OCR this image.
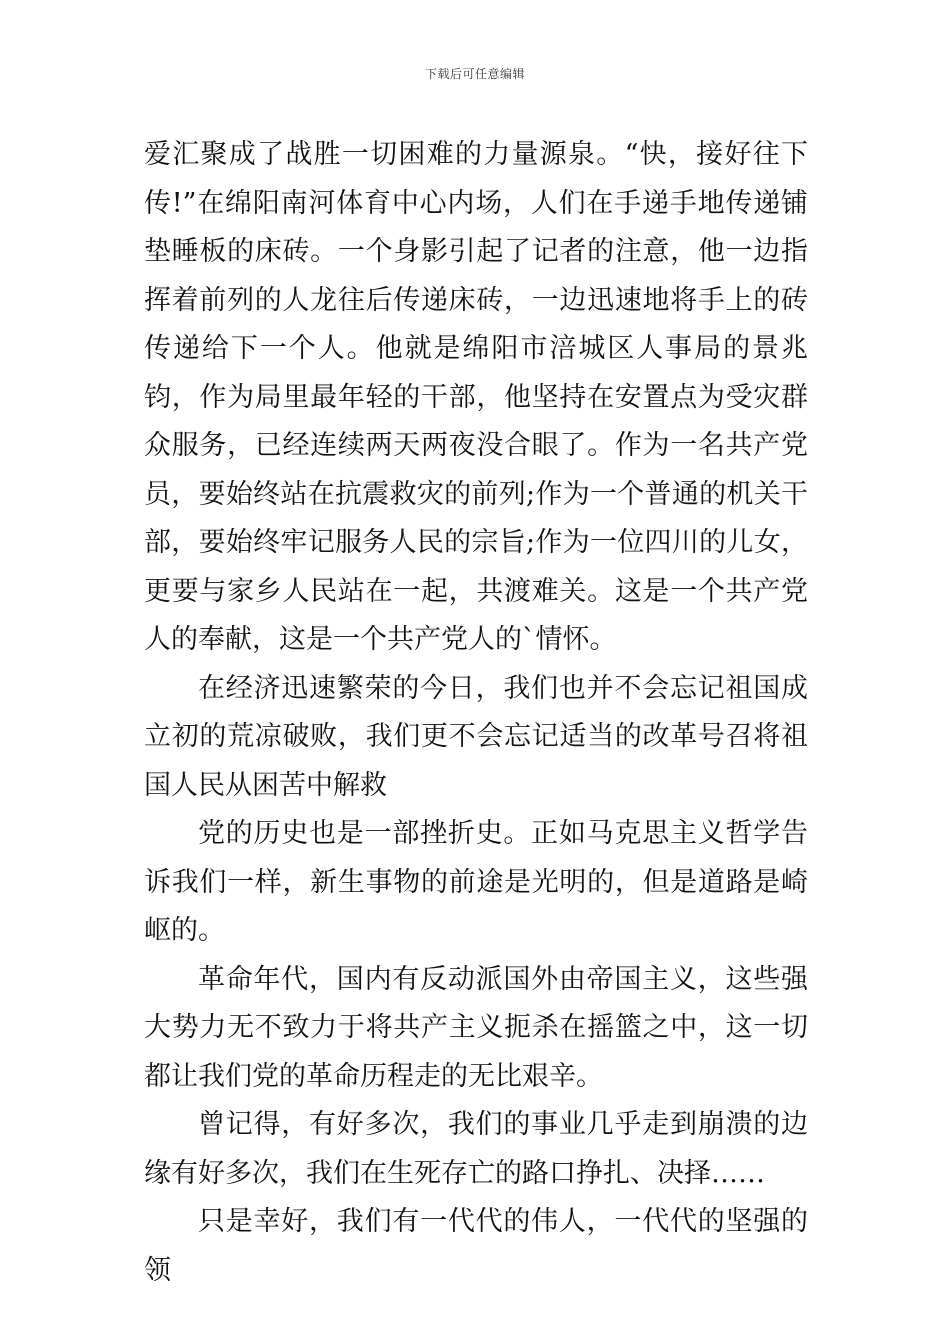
下载后可任意编辑

爱汇聚成了战胜一切困难的力量源泉。“快，接好往下传!”在绵阳南河体育中心内场，人们在手递手地传递铺垫睡板的床砖。一个身影引起了记者的注意，他一边指挥着前列的人龙往后传递床砖，一边迅速地将手上的砖传递给下一个人。他就是绵阳市涪城区人事局的景兆钧，作为局里最年轻的干部，他坚持在安置点为受灾群众服务，已经连续两天两夜没合眼了。作为一名共产党员，要始终站在抗震救灾的前列;作为一个普通的机关干部，要始终牢记服务人民的宗旨;作为一位四川的儿女，更要与家乡人民站在一起，共渡难关。这是一个共产党人的奉献，这是一个共产党人的`情怀。

在经济迅速繁荣的今日，我们也并不会忘记祖国成立初的荒凉破败，我们更不会忘记适当的改革号召将祖国人民从困苦中解救

党的历史也是一部挫折史。正如马克思主义哲学告诉我们一样，新生事物的前途是光明的，但是道路是崎岖的。

革命年代，国内有反动派国外由帝国主义，这些强大势力无不致力于将共产主义扼杀在摇篮之中，这一切都让我们党的革命历程走的无比艰辛。

曾记得，有好多次，我们的事业几乎走到崩溃的边缘有好多次，我们在生死存亡的路口挣扎、决择……

只是幸好，我们有一代代的伟人，一代代的坚强的领
